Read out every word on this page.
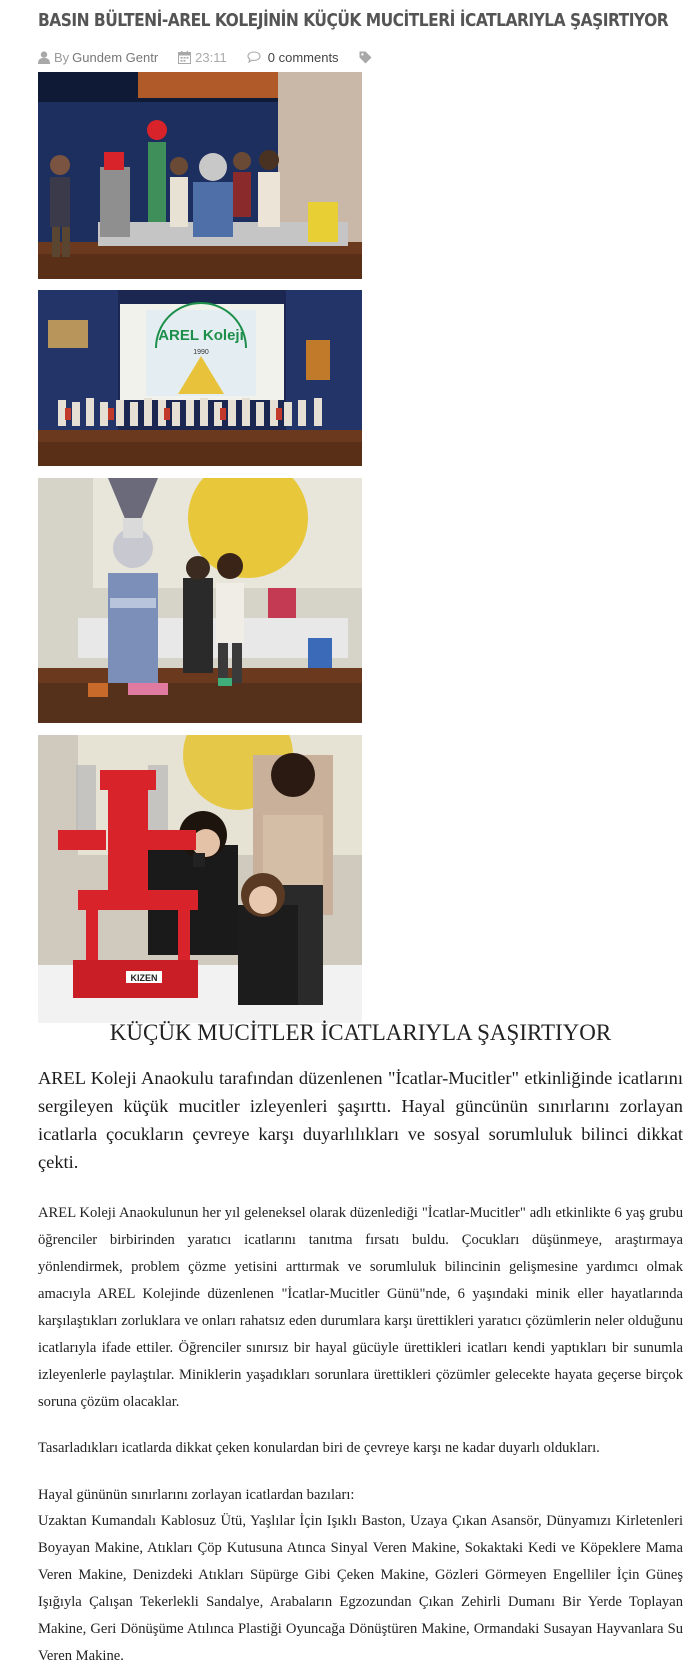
BASIN BÜLTENİ-AREL KOLEJİNİN KÜÇÜK MUCİTLERİ İCATLARIYLA ŞAŞIRTIYOR
By Gundem Gentr	23:11	0 comments
AREL Koleji
1990
KIZEN
KÜÇÜK MUCİTLER İCATLARIYLA ŞAŞIRTIYOR

AREL Koleji Anaokulu tarafından düzenlenen "İcatlar-Mucitler" etkinliğinde icatlarını sergileyen küçük mucitler izleyenleri şaşırttı. Hayal güncünün sınırlarını zorlayan icatlarla çocukların çevreye karşı duyarlılıkları ve sosyal sorumluluk bilinci dikkat çekti.

AREL Koleji Anaokulunun her yıl geleneksel olarak düzenlediği "İcatlar-Mucitler" adlı etkinlikte 6 yaş grubu öğrenciler birbirinden yaratıcı icatlarını tanıtma fırsatı buldu. Çocukları düşünmeye, araştırmaya yönlendirmek, problem çözme yetisini arttırmak ve sorumluluk bilincinin gelişmesine yardımcı olmak amacıyla AREL Kolejinde düzenlenen "İcatlar-Mucitler Günü"nde, 6 yaşındaki minik eller hayatlarında karşılaştıkları zorluklara ve onları rahatsız eden durumlara karşı ürettikleri yaratıcı çözümlerin neler olduğunu icatlarıyla ifade ettiler. Öğrenciler sınırsız bir hayal gücüyle ürettikleri icatları kendi yaptıkları bir sunumla izleyenlerle paylaştılar. Miniklerin yaşadıkları sorunlara ürettikleri çözümler gelecekte hayata geçerse birçok soruna çözüm olacaklar.

Tasarladıkları icatlarda dikkat çeken konulardan biri de çevreye karşı ne kadar duyarlı oldukları.

Hayal gününün sınırlarını zorlayan icatlardan bazıları:

Uzaktan Kumandalı Kablosuz Ütü, Yaşlılar İçin Işıklı Baston, Uzaya Çıkan Asansör, Dünyamızı Kirletenleri Boyayan Makine, Atıkları Çöp Kutusuna Atınca Sinyal Veren Makine, Sokaktaki Kedi ve Köpeklere Mama Veren Makine, Denizdeki Atıkları Süpürge Gibi Çeken Makine, Gözleri Görmeyen Engelliler İçin Güneş Işığıyla Çalışan Tekerlekli Sandalye, Arabaların Egzozundan Çıkan Zehirli Dumanı Bir Yerde Toplayan Makine, Geri Dönüşüme Atılınca Plastiği Oyuncağa Dönüştüren Makine, Ormandaki Susayan Hayvanlara Su Veren Makine.
